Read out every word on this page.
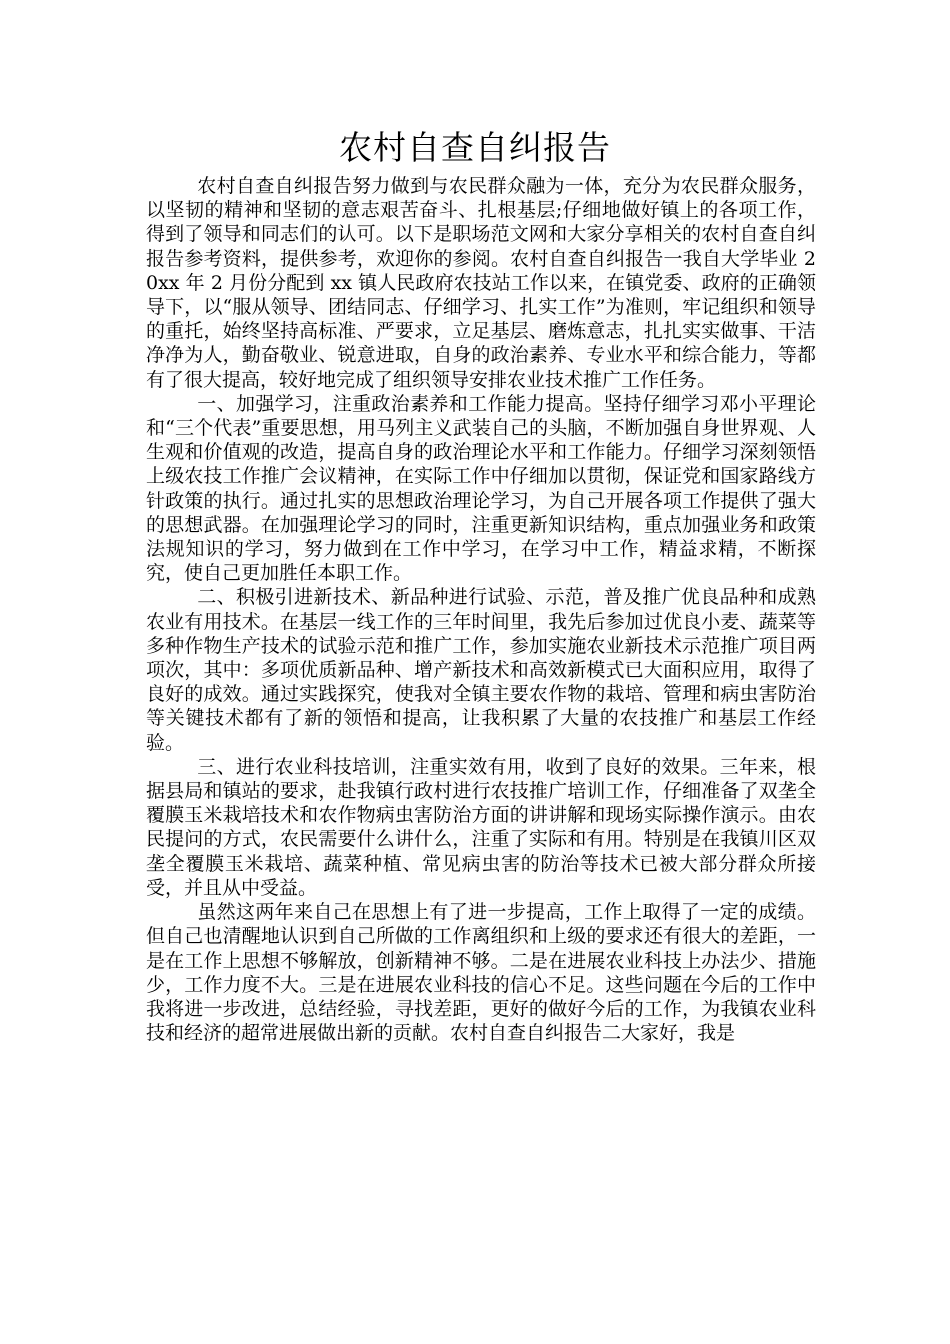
农村自查自纠报告

农村自查自纠报告努力做到与农民群众融为一体，充分为农民群众服务，以坚韧的精神和坚韧的意志艰苦奋斗、扎根基层;仔细地做好镇上的各项工作，得到了领导和同志们的认可。以下是职场范文网和大家分享相关的农村自查自纠报告参考资料，提供参考，欢迎你的参阅。农村自查自纠报告一我自大学毕业 20xx 年 2 月份分配到 xx 镇人民政府农技站工作以来，在镇党委、政府的正确领导下，以“服从领导、团结同志、仔细学习、扎实工作”为准则，牢记组织和领导的重托，始终坚持高标准、严要求，立足基层、磨炼意志，扎扎实实做事、干洁净净为人，勤奋敬业、锐意进取，自身的政治素养、专业水平和综合能力，等都有了很大提高，较好地完成了组织领导安排农业技术推广工作任务。

一、加强学习，注重政治素养和工作能力提高。坚持仔细学习邓小平理论和“三个代表”重要思想，用马列主义武装自己的头脑，不断加强自身世界观、人生观和价值观的改造，提高自身的政治理论水平和工作能力。仔细学习深刻领悟上级农技工作推广会议精神，在实际工作中仔细加以贯彻，保证党和国家路线方针政策的执行。通过扎实的思想政治理论学习，为自己开展各项工作提供了强大的思想武器。在加强理论学习的同时，注重更新知识结构，重点加强业务和政策法规知识的学习，努力做到在工作中学习，在学习中工作，精益求精，不断探究，使自己更加胜任本职工作。

二、积极引进新技术、新品种进行试验、示范，普及推广优良品种和成熟农业有用技术。在基层一线工作的三年时间里，我先后参加过优良小麦、蔬菜等多种作物生产技术的试验示范和推广工作，参加实施农业新技术示范推广项目两项次，其中：多项优质新品种、增产新技术和高效新模式已大面积应用，取得了良好的成效。通过实践探究，使我对全镇主要农作物的栽培、管理和病虫害防治等关键技术都有了新的领悟和提高，让我积累了大量的农技推广和基层工作经验。

三、进行农业科技培训，注重实效有用，收到了良好的效果。三年来，根据县局和镇站的要求，赴我镇行政村进行农技推广培训工作，仔细准备了双垄全覆膜玉米栽培技术和农作物病虫害防治方面的讲讲解和现场实际操作演示。由农民提问的方式，农民需要什么讲什么，注重了实际和有用。特别是在我镇川区双垄全覆膜玉米栽培、蔬菜种植、常见病虫害的防治等技术已被大部分群众所接受，并且从中受益。

虽然这两年来自己在思想上有了进一步提高，工作上取得了一定的成绩。但自己也清醒地认识到自己所做的工作离组织和上级的要求还有很大的差距，一是在工作上思想不够解放，创新精神不够。二是在进展农业科技上办法少、措施少，工作力度不大。三是在进展农业科技的信心不足。这些问题在今后的工作中我将进一步改进，总结经验，寻找差距，更好的做好今后的工作，为我镇农业科技和经济的超常进展做出新的贡献。农村自查自纠报告二大家好，我是
